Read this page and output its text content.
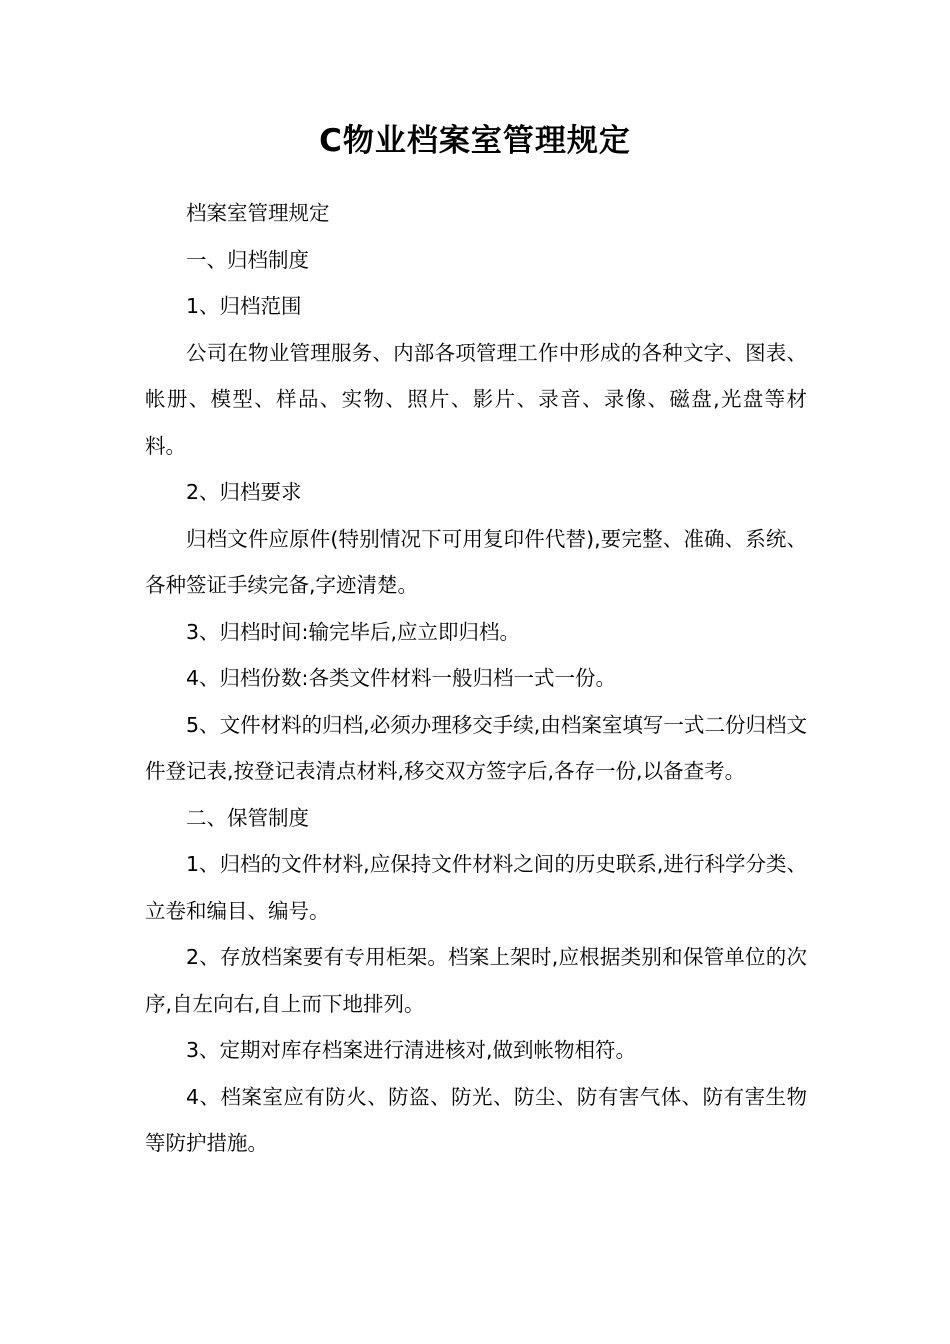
C物业档案室管理规定

档案室管理规定

一、归档制度

1、归档范围

公司在物业管理服务、内部各项管理工作中形成的各种文字、图表、帐册、模型、样品、实物、照片、影片、录音、录像、磁盘,光盘等材料。

2、归档要求

归档文件应原件(特别情况下可用复印件代替),要完整、准确、系统、各种签证手续完备,字迹清楚。

3、归档时间:输完毕后,应立即归档。

4、归档份数:各类文件材料一般归档一式一份。

5、文件材料的归档,必须办理移交手续,由档案室填写一式二份归档文件登记表,按登记表清点材料,移交双方签字后,各存一份,以备查考。

二、保管制度

1、归档的文件材料,应保持文件材料之间的历史联系,进行科学分类、立卷和编目、编号。

2、存放档案要有专用柜架。档案上架时,应根据类别和保管单位的次序,自左向右,自上而下地排列。

3、定期对库存档案进行清进核对,做到帐物相符。

4、档案室应有防火、防盗、防光、防尘、防有害气体、防有害生物等防护措施。
